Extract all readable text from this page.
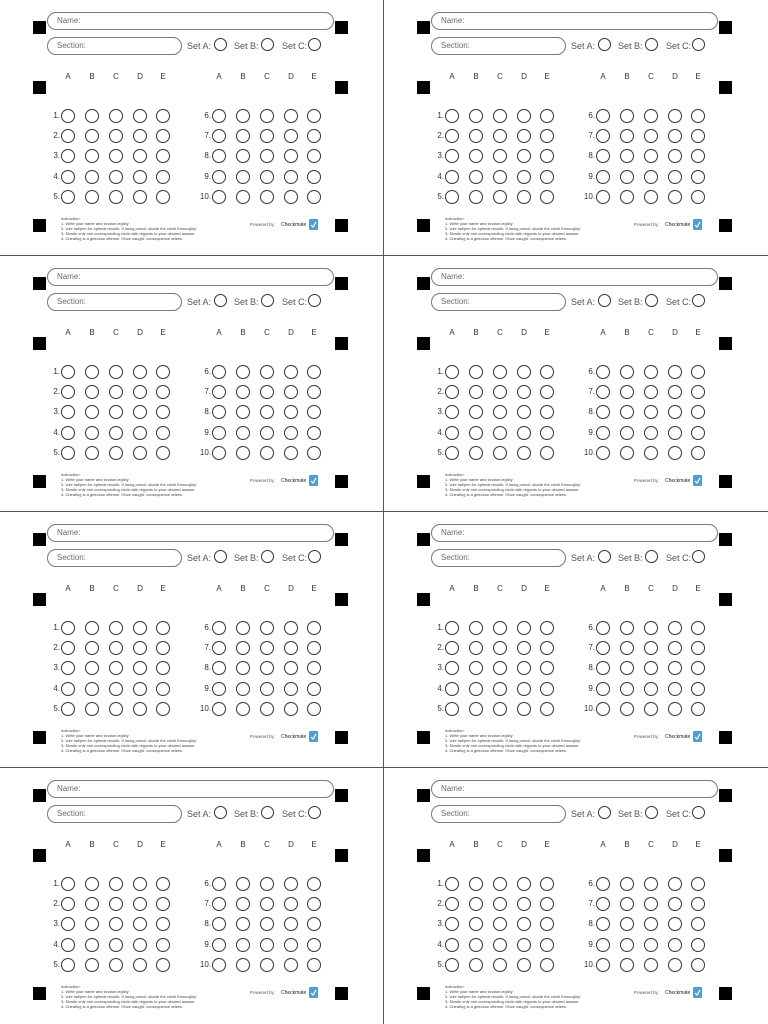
Name:
Section:	Set A:	Set B:	Set C:
A	B	C	D	E	A	B	C	D	E
1.
2.
3.
4.
5.
6.
7.
8.
9.
10.
Instruction:
1. Write your name and section legibly.
2. Use ballpen for optimal results. If using pencil, shade the circle thoroughly.
3. Shade only one corresponding circle with regards to your desired answer.
4. Cheating is a grievous offense. Once caught, consequence arises.
Powered by: Checkmate
Name:
Section:	Set A:	Set B:	Set C:
A	B	C	D	E	A	B	C	D	E
1.
2.
3.
4.
5.
6.
7.
8.
9.
10.
Instruction:
1. Write your name and section legibly.
2. Use ballpen for optimal results. If using pencil, shade the circle thoroughly.
3. Shade only one corresponding circle with regards to your desired answer.
4. Cheating is a grievous offense. Once caught, consequence arises.
Powered by: Checkmate
Name:
Section:	Set A:	Set B:	Set C:
A	B	C	D	E	A	B	C	D	E
1.
2.
3.
4.
5.
6.
7.
8.
9.
10.
Instruction:
1. Write your name and section legibly.
2. Use ballpen for optimal results. If using pencil, shade the circle thoroughly.
3. Shade only one corresponding circle with regards to your desired answer.
4. Cheating is a grievous offense. Once caught, consequence arises.
Powered by: Checkmate
Name:
Section:	Set A:	Set B:	Set C:
A	B	C	D	E	A	B	C	D	E
1.
2.
3.
4.
5.
6.
7.
8.
9.
10.
Instruction:
1. Write your name and section legibly.
2. Use ballpen for optimal results. If using pencil, shade the circle thoroughly.
3. Shade only one corresponding circle with regards to your desired answer.
4. Cheating is a grievous offense. Once caught, consequence arises.
Powered by: Checkmate
Name:
Section:	Set A:	Set B:	Set C:
A	B	C	D	E	A	B	C	D	E
1.
2.
3.
4.
5.
6.
7.
8.
9.
10.
Instruction:
1. Write your name and section legibly.
2. Use ballpen for optimal results. If using pencil, shade the circle thoroughly.
3. Shade only one corresponding circle with regards to your desired answer.
4. Cheating is a grievous offense. Once caught, consequence arises.
Powered by: Checkmate
Name:
Section:	Set A:	Set B:	Set C:
A	B	C	D	E	A	B	C	D	E
1.
2.
3.
4.
5.
6.
7.
8.
9.
10.
Instruction:
1. Write your name and section legibly.
2. Use ballpen for optimal results. If using pencil, shade the circle thoroughly.
3. Shade only one corresponding circle with regards to your desired answer.
4. Cheating is a grievous offense. Once caught, consequence arises.
Powered by: Checkmate
Name:
Section:	Set A:	Set B:	Set C:
A	B	C	D	E	A	B	C	D	E
1.
2.
3.
4.
5.
6.
7.
8.
9.
10.
Instruction:
1. Write your name and section legibly.
2. Use ballpen for optimal results. If using pencil, shade the circle thoroughly.
3. Shade only one corresponding circle with regards to your desired answer.
4. Cheating is a grievous offense. Once caught, consequence arises.
Powered by: Checkmate
Name:
Section:	Set A:	Set B:	Set C:
A	B	C	D	E	A	B	C	D	E
1.
2.
3.
4.
5.
6.
7.
8.
9.
10.
Instruction:
1. Write your name and section legibly.
2. Use ballpen for optimal results. If using pencil, shade the circle thoroughly.
3. Shade only one corresponding circle with regards to your desired answer.
4. Cheating is a grievous offense. Once caught, consequence arises.
Powered by: Checkmate
